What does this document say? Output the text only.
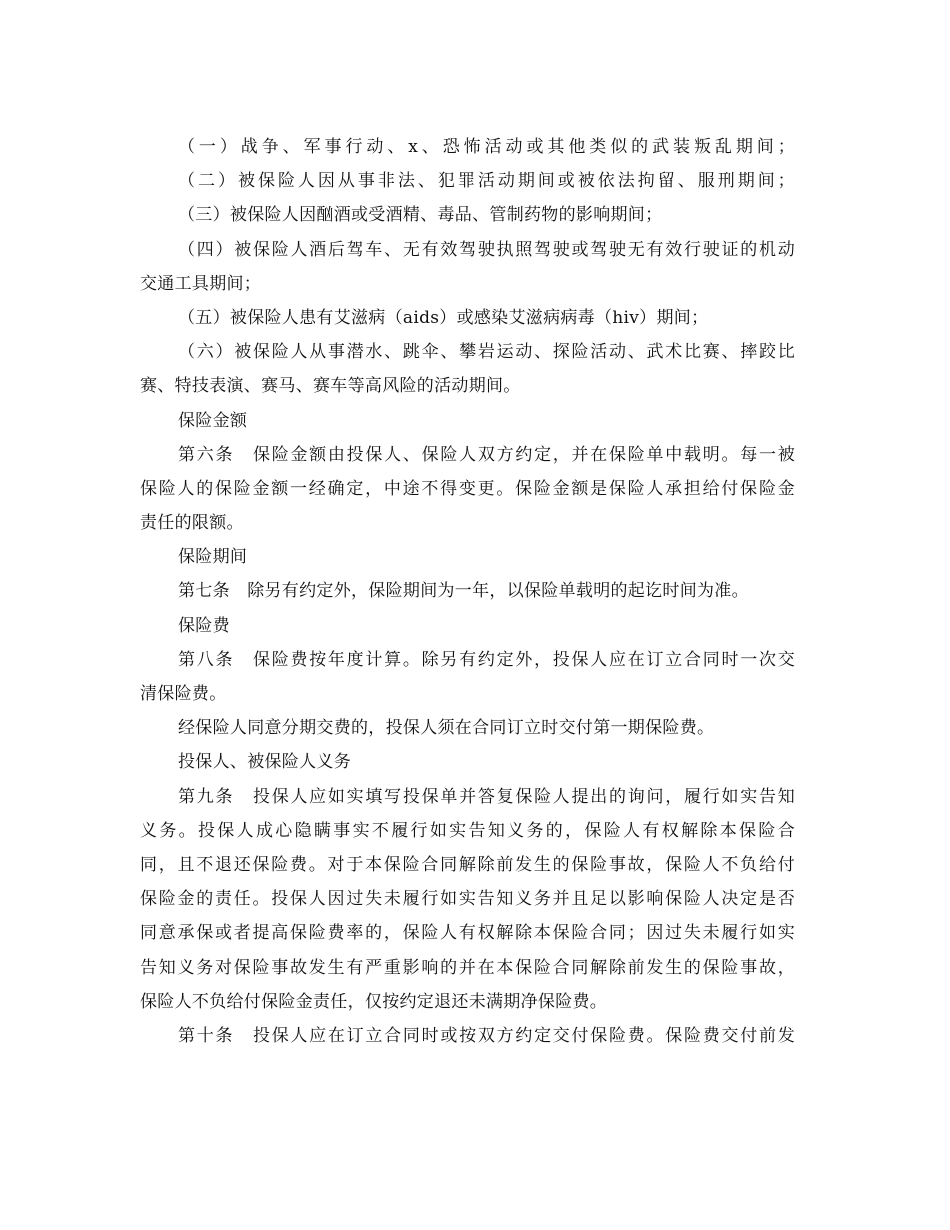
（一）战争、军事行动、x、恐怖活动或其他类似的武装叛乱期间；
（二）被保险人因从事非法、犯罪活动期间或被依法拘留、服刑期间；
（三）被保险人因酗酒或受酒精、毒品、管制药物的影响期间；
（四）被保险人酒后驾车、无有效驾驶执照驾驶或驾驶无有效行驶证的机动
交通工具期间；
（五）被保险人患有艾滋病（aids）或感染艾滋病病毒（hiv）期间；
（六）被保险人从事潜水、跳伞、攀岩运动、探险活动、武术比赛、摔跤比
赛、特技表演、赛马、赛车等高风险的活动期间。
保险金额
第六条　保险金额由投保人、保险人双方约定，并在保险单中载明。每一被
保险人的保险金额一经确定，中途不得变更。保险金额是保险人承担给付保险金
责任的限额。
保险期间
第七条　除另有约定外，保险期间为一年，以保险单载明的起讫时间为准。
保险费
第八条　保险费按年度计算。除另有约定外，投保人应在订立合同时一次交
清保险费。
经保险人同意分期交费的，投保人须在合同订立时交付第一期保险费。
投保人、被保险人义务
第九条　投保人应如实填写投保单并答复保险人提出的询问，履行如实告知
义务。投保人成心隐瞒事实不履行如实告知义务的，保险人有权解除本保险合
同，且不退还保险费。对于本保险合同解除前发生的保险事故，保险人不负给付
保险金的责任。投保人因过失未履行如实告知义务并且足以影响保险人决定是否
同意承保或者提高保险费率的，保险人有权解除本保险合同；因过失未履行如实
告知义务对保险事故发生有严重影响的并在本保险合同解除前发生的保险事故，
保险人不负给付保险金责任，仅按约定退还未满期净保险费。
第十条　投保人应在订立合同时或按双方约定交付保险费。保险费交付前发
